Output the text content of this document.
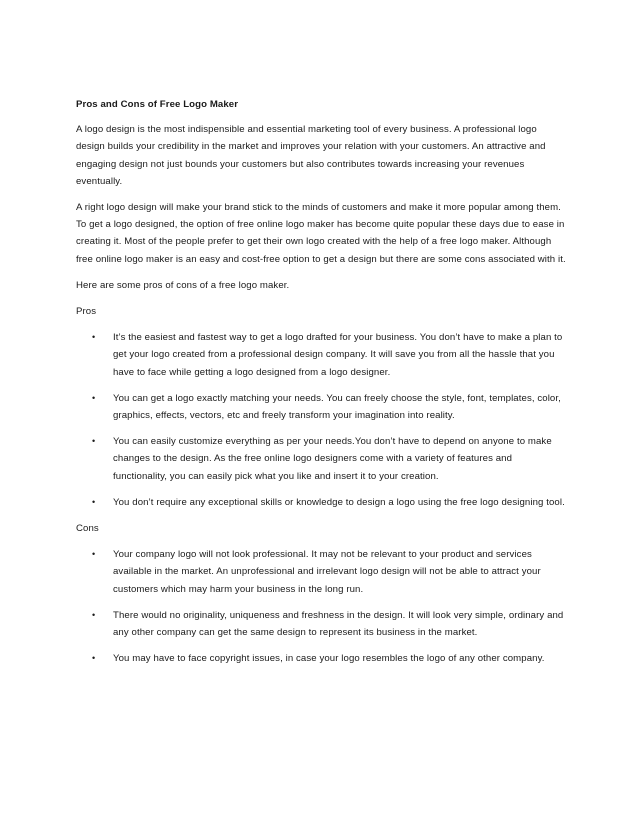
Pros and Cons of Free Logo Maker

A logo design is the most indispensible and essential marketing tool of every business. A professional logo design builds your credibility in the market and improves your relation with your customers. An attractive and engaging design not just bounds your customers but also contributes towards increasing your revenues eventually.

A right logo design will make your brand stick to the minds of customers and make it more popular among them. To get a logo designed, the option of free online logo maker has become quite popular these days due to ease in creating it. Most of the people prefer to get their own logo created with the help of a free logo maker. Although free online logo maker is an easy and cost-free option to get a design but there are some cons associated with it.

Here are some pros of cons of a free logo maker.

Pros
• It’s the easiest and fastest way to get a logo drafted for your business. You don’t have to make a plan to get your logo created from a professional design company. It will save you from all the hassle that you have to face while getting a logo designed from a logo designer.
• You can get a logo exactly matching your needs. You can freely choose the style, font, templates, color, graphics, effects, vectors, etc and freely transform your imagination into reality.
• You can easily customize everything as per your needs.You don’t have to depend on anyone to make changes to the design. As the free online logo designers come with a variety of features and functionality, you can easily pick what you like and insert it to your creation.
• You don’t require any exceptional skills or knowledge to design a logo using the free logo designing tool.
Cons
• Your company logo will not look professional. It may not be relevant to your product and services available in the market. An unprofessional and irrelevant logo design will not be able to attract your customers which may harm your business in the long run.
• There would no originality, uniqueness and freshness in the design. It will look very simple, ordinary and any other company can get the same design to represent its business in the market.
• You may have to face copyright issues, in case your logo resembles the logo of any other company.
